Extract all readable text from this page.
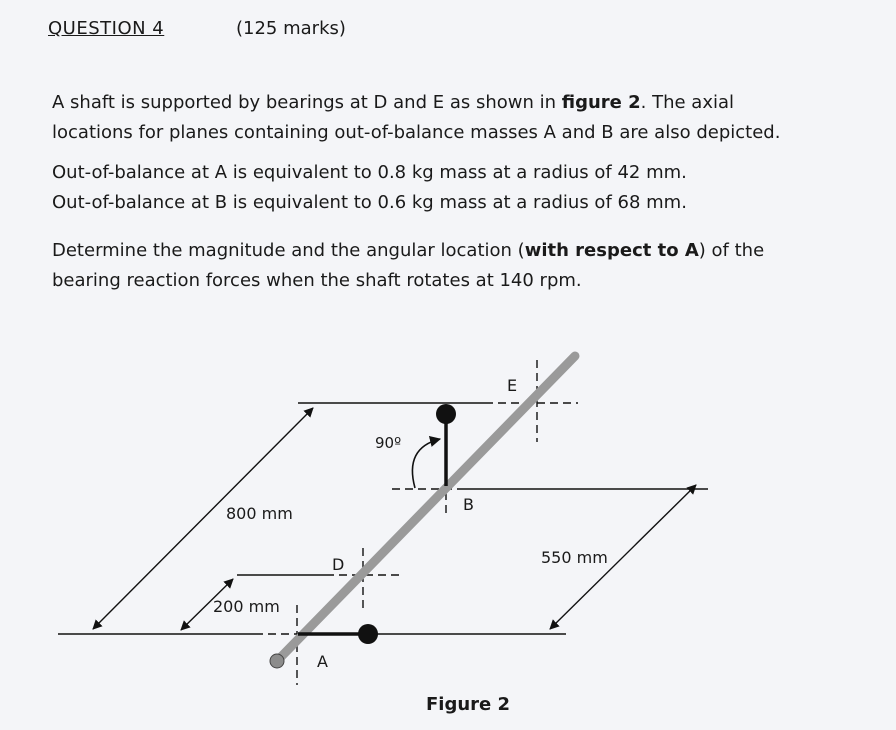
QUESTION 4	(125 marks)

A shaft is supported by bearings at D and E as shown in figure 2. The axial
locations for planes containing out-of-balance masses A and B are also depicted.

Out-of-balance at A is equivalent to 0.8 kg mass at a radius of 42 mm.
Out-of-balance at B is equivalent to 0.6 kg mass at a radius of 68 mm.

Determine the magnitude and the angular location (with respect to A) of the
bearing reaction forces when the shaft rotates at 140 rpm.

E
B
D
A
90º
800 mm
200 mm
550 mm
Figure 2
